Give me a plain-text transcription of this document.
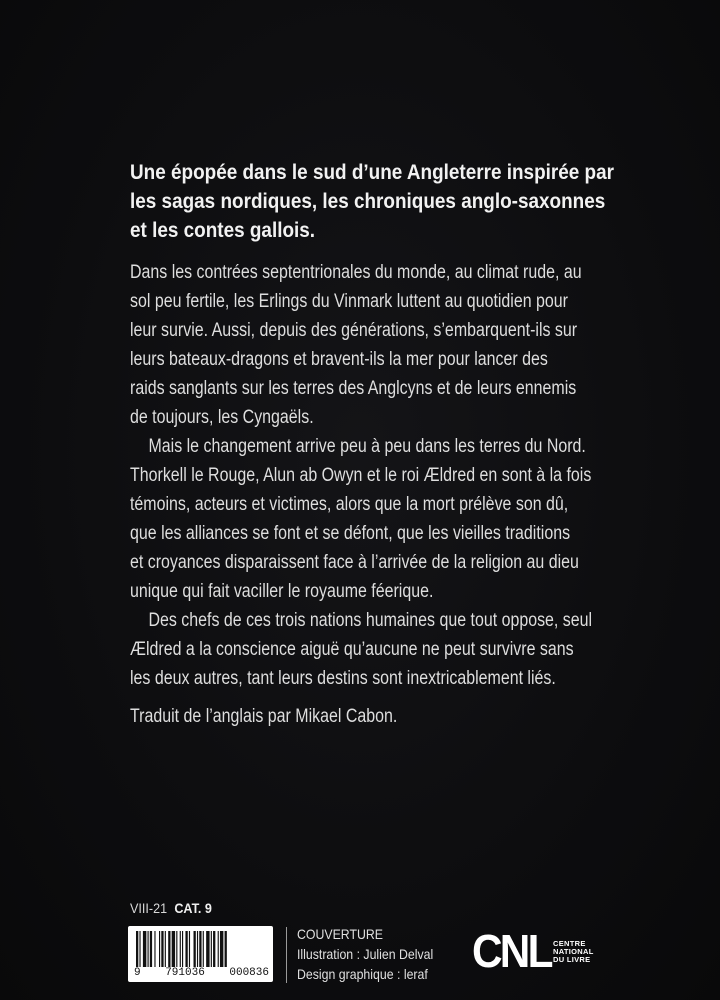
Une épopée dans le sud d’une Angleterre inspirée par
les sagas nordiques, les chroniques anglo-saxonnes
et les contes gallois.
Dans les contrées septentrionales du monde, au climat rude, au
sol peu fertile, les Erlings du Vinmark luttent au quotidien pour
leur survie. Aussi, depuis des générations, s’embarquent-ils sur
leurs bateaux-dragons et bravent-ils la mer pour lancer des
raids sanglants sur les terres des Anglcyns et de leurs ennemis
de toujours, les Cyngaëls.
Mais le changement arrive peu à peu dans les terres du Nord.
Thorkell le Rouge, Alun ab Owyn et le roi Ældred en sont à la fois
témoins, acteurs et victimes, alors que la mort prélève son dû,
que les alliances se font et se défont, que les vieilles traditions
et croyances disparaissent face à l’arrivée de la religion au dieu
unique qui fait vaciller le royaume féerique.
Des chefs de ces trois nations humaines que tout oppose, seul
Ældred a la conscience aiguë qu’aucune ne peut survivre sans
les deux autres, tant leurs destins sont inextricablement liés.
Traduit de l’anglais par Mikael Cabon.
VIII-21 CAT. 9
9 791036 000836
COUVERTURE
Illustration : Julien Delval
Design graphique : leraf CNL CENTRE
NATIONAL
DU LIVRE
